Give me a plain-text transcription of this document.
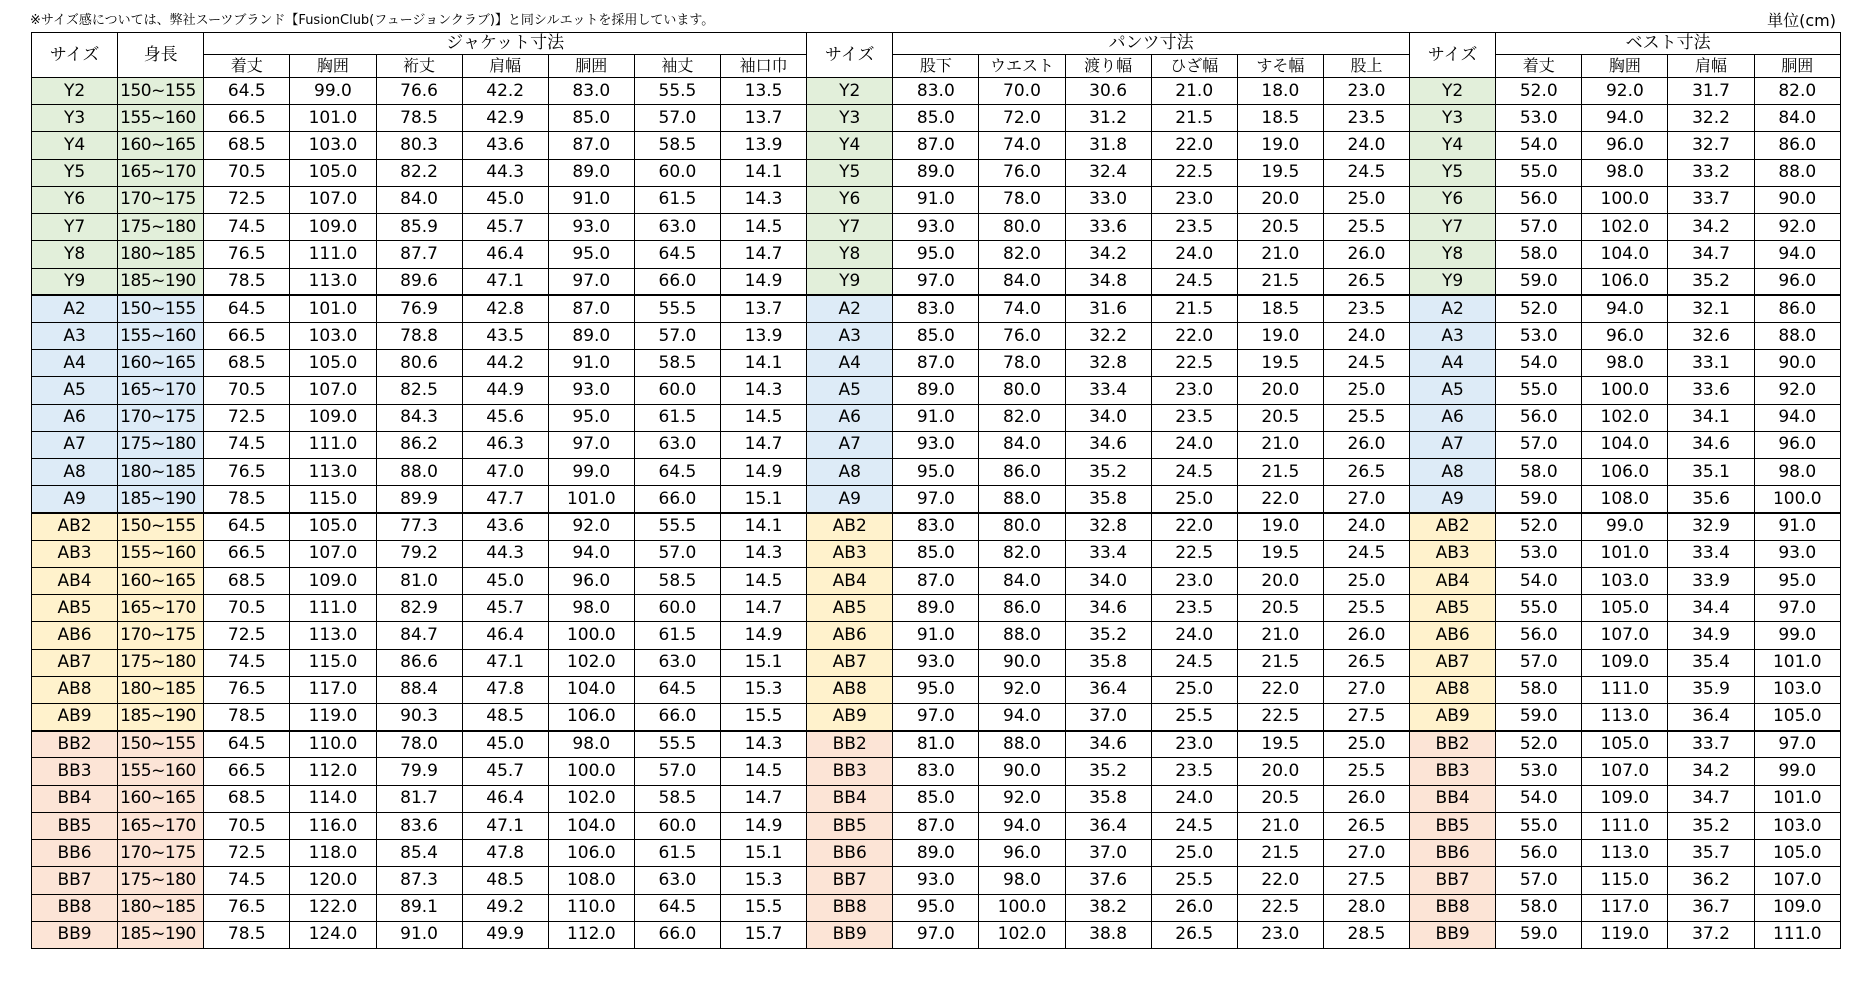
※サイズ感については、弊社スーツブランド【FusionClub(フュージョンクラブ)】と同シルエットを採用しています。	単位(cm)
サイズ	身長	ジャケット寸法							サイズ	パンツ寸法						サイズ	ベスト寸法			
		着丈	胸囲	裄丈	肩幅	胴囲	袖丈	袖口巾		股下	ウエスト	渡り幅	ひざ幅	すそ幅	股上		着丈	胸囲	肩幅	胴囲
Y2	150~155	64.5	99.0	76.6	42.2	83.0	55.5	13.5	Y2	83.0	70.0	30.6	21.0	18.0	23.0	Y2	52.0	92.0	31.7	82.0
Y3	155~160	66.5	101.0	78.5	42.9	85.0	57.0	13.7	Y3	85.0	72.0	31.2	21.5	18.5	23.5	Y3	53.0	94.0	32.2	84.0
Y4	160~165	68.5	103.0	80.3	43.6	87.0	58.5	13.9	Y4	87.0	74.0	31.8	22.0	19.0	24.0	Y4	54.0	96.0	32.7	86.0
Y5	165~170	70.5	105.0	82.2	44.3	89.0	60.0	14.1	Y5	89.0	76.0	32.4	22.5	19.5	24.5	Y5	55.0	98.0	33.2	88.0
Y6	170~175	72.5	107.0	84.0	45.0	91.0	61.5	14.3	Y6	91.0	78.0	33.0	23.0	20.0	25.0	Y6	56.0	100.0	33.7	90.0
Y7	175~180	74.5	109.0	85.9	45.7	93.0	63.0	14.5	Y7	93.0	80.0	33.6	23.5	20.5	25.5	Y7	57.0	102.0	34.2	92.0
Y8	180~185	76.5	111.0	87.7	46.4	95.0	64.5	14.7	Y8	95.0	82.0	34.2	24.0	21.0	26.0	Y8	58.0	104.0	34.7	94.0
Y9	185~190	78.5	113.0	89.6	47.1	97.0	66.0	14.9	Y9	97.0	84.0	34.8	24.5	21.5	26.5	Y9	59.0	106.0	35.2	96.0
A2	150~155	64.5	101.0	76.9	42.8	87.0	55.5	13.7	A2	83.0	74.0	31.6	21.5	18.5	23.5	A2	52.0	94.0	32.1	86.0
A3	155~160	66.5	103.0	78.8	43.5	89.0	57.0	13.9	A3	85.0	76.0	32.2	22.0	19.0	24.0	A3	53.0	96.0	32.6	88.0
A4	160~165	68.5	105.0	80.6	44.2	91.0	58.5	14.1	A4	87.0	78.0	32.8	22.5	19.5	24.5	A4	54.0	98.0	33.1	90.0
A5	165~170	70.5	107.0	82.5	44.9	93.0	60.0	14.3	A5	89.0	80.0	33.4	23.0	20.0	25.0	A5	55.0	100.0	33.6	92.0
A6	170~175	72.5	109.0	84.3	45.6	95.0	61.5	14.5	A6	91.0	82.0	34.0	23.5	20.5	25.5	A6	56.0	102.0	34.1	94.0
A7	175~180	74.5	111.0	86.2	46.3	97.0	63.0	14.7	A7	93.0	84.0	34.6	24.0	21.0	26.0	A7	57.0	104.0	34.6	96.0
A8	180~185	76.5	113.0	88.0	47.0	99.0	64.5	14.9	A8	95.0	86.0	35.2	24.5	21.5	26.5	A8	58.0	106.0	35.1	98.0
A9	185~190	78.5	115.0	89.9	47.7	101.0	66.0	15.1	A9	97.0	88.0	35.8	25.0	22.0	27.0	A9	59.0	108.0	35.6	100.0
AB2	150~155	64.5	105.0	77.3	43.6	92.0	55.5	14.1	AB2	83.0	80.0	32.8	22.0	19.0	24.0	AB2	52.0	99.0	32.9	91.0
AB3	155~160	66.5	107.0	79.2	44.3	94.0	57.0	14.3	AB3	85.0	82.0	33.4	22.5	19.5	24.5	AB3	53.0	101.0	33.4	93.0
AB4	160~165	68.5	109.0	81.0	45.0	96.0	58.5	14.5	AB4	87.0	84.0	34.0	23.0	20.0	25.0	AB4	54.0	103.0	33.9	95.0
AB5	165~170	70.5	111.0	82.9	45.7	98.0	60.0	14.7	AB5	89.0	86.0	34.6	23.5	20.5	25.5	AB5	55.0	105.0	34.4	97.0
AB6	170~175	72.5	113.0	84.7	46.4	100.0	61.5	14.9	AB6	91.0	88.0	35.2	24.0	21.0	26.0	AB6	56.0	107.0	34.9	99.0
AB7	175~180	74.5	115.0	86.6	47.1	102.0	63.0	15.1	AB7	93.0	90.0	35.8	24.5	21.5	26.5	AB7	57.0	109.0	35.4	101.0
AB8	180~185	76.5	117.0	88.4	47.8	104.0	64.5	15.3	AB8	95.0	92.0	36.4	25.0	22.0	27.0	AB8	58.0	111.0	35.9	103.0
AB9	185~190	78.5	119.0	90.3	48.5	106.0	66.0	15.5	AB9	97.0	94.0	37.0	25.5	22.5	27.5	AB9	59.0	113.0	36.4	105.0
BB2	150~155	64.5	110.0	78.0	45.0	98.0	55.5	14.3	BB2	81.0	88.0	34.6	23.0	19.5	25.0	BB2	52.0	105.0	33.7	97.0
BB3	155~160	66.5	112.0	79.9	45.7	100.0	57.0	14.5	BB3	83.0	90.0	35.2	23.5	20.0	25.5	BB3	53.0	107.0	34.2	99.0
BB4	160~165	68.5	114.0	81.7	46.4	102.0	58.5	14.7	BB4	85.0	92.0	35.8	24.0	20.5	26.0	BB4	54.0	109.0	34.7	101.0
BB5	165~170	70.5	116.0	83.6	47.1	104.0	60.0	14.9	BB5	87.0	94.0	36.4	24.5	21.0	26.5	BB5	55.0	111.0	35.2	103.0
BB6	170~175	72.5	118.0	85.4	47.8	106.0	61.5	15.1	BB6	89.0	96.0	37.0	25.0	21.5	27.0	BB6	56.0	113.0	35.7	105.0
BB7	175~180	74.5	120.0	87.3	48.5	108.0	63.0	15.3	BB7	93.0	98.0	37.6	25.5	22.0	27.5	BB7	57.0	115.0	36.2	107.0
BB8	180~185	76.5	122.0	89.1	49.2	110.0	64.5	15.5	BB8	95.0	100.0	38.2	26.0	22.5	28.0	BB8	58.0	117.0	36.7	109.0
BB9	185~190	78.5	124.0	91.0	49.9	112.0	66.0	15.7	BB9	97.0	102.0	38.8	26.5	23.0	28.5	BB9	59.0	119.0	37.2	111.0
